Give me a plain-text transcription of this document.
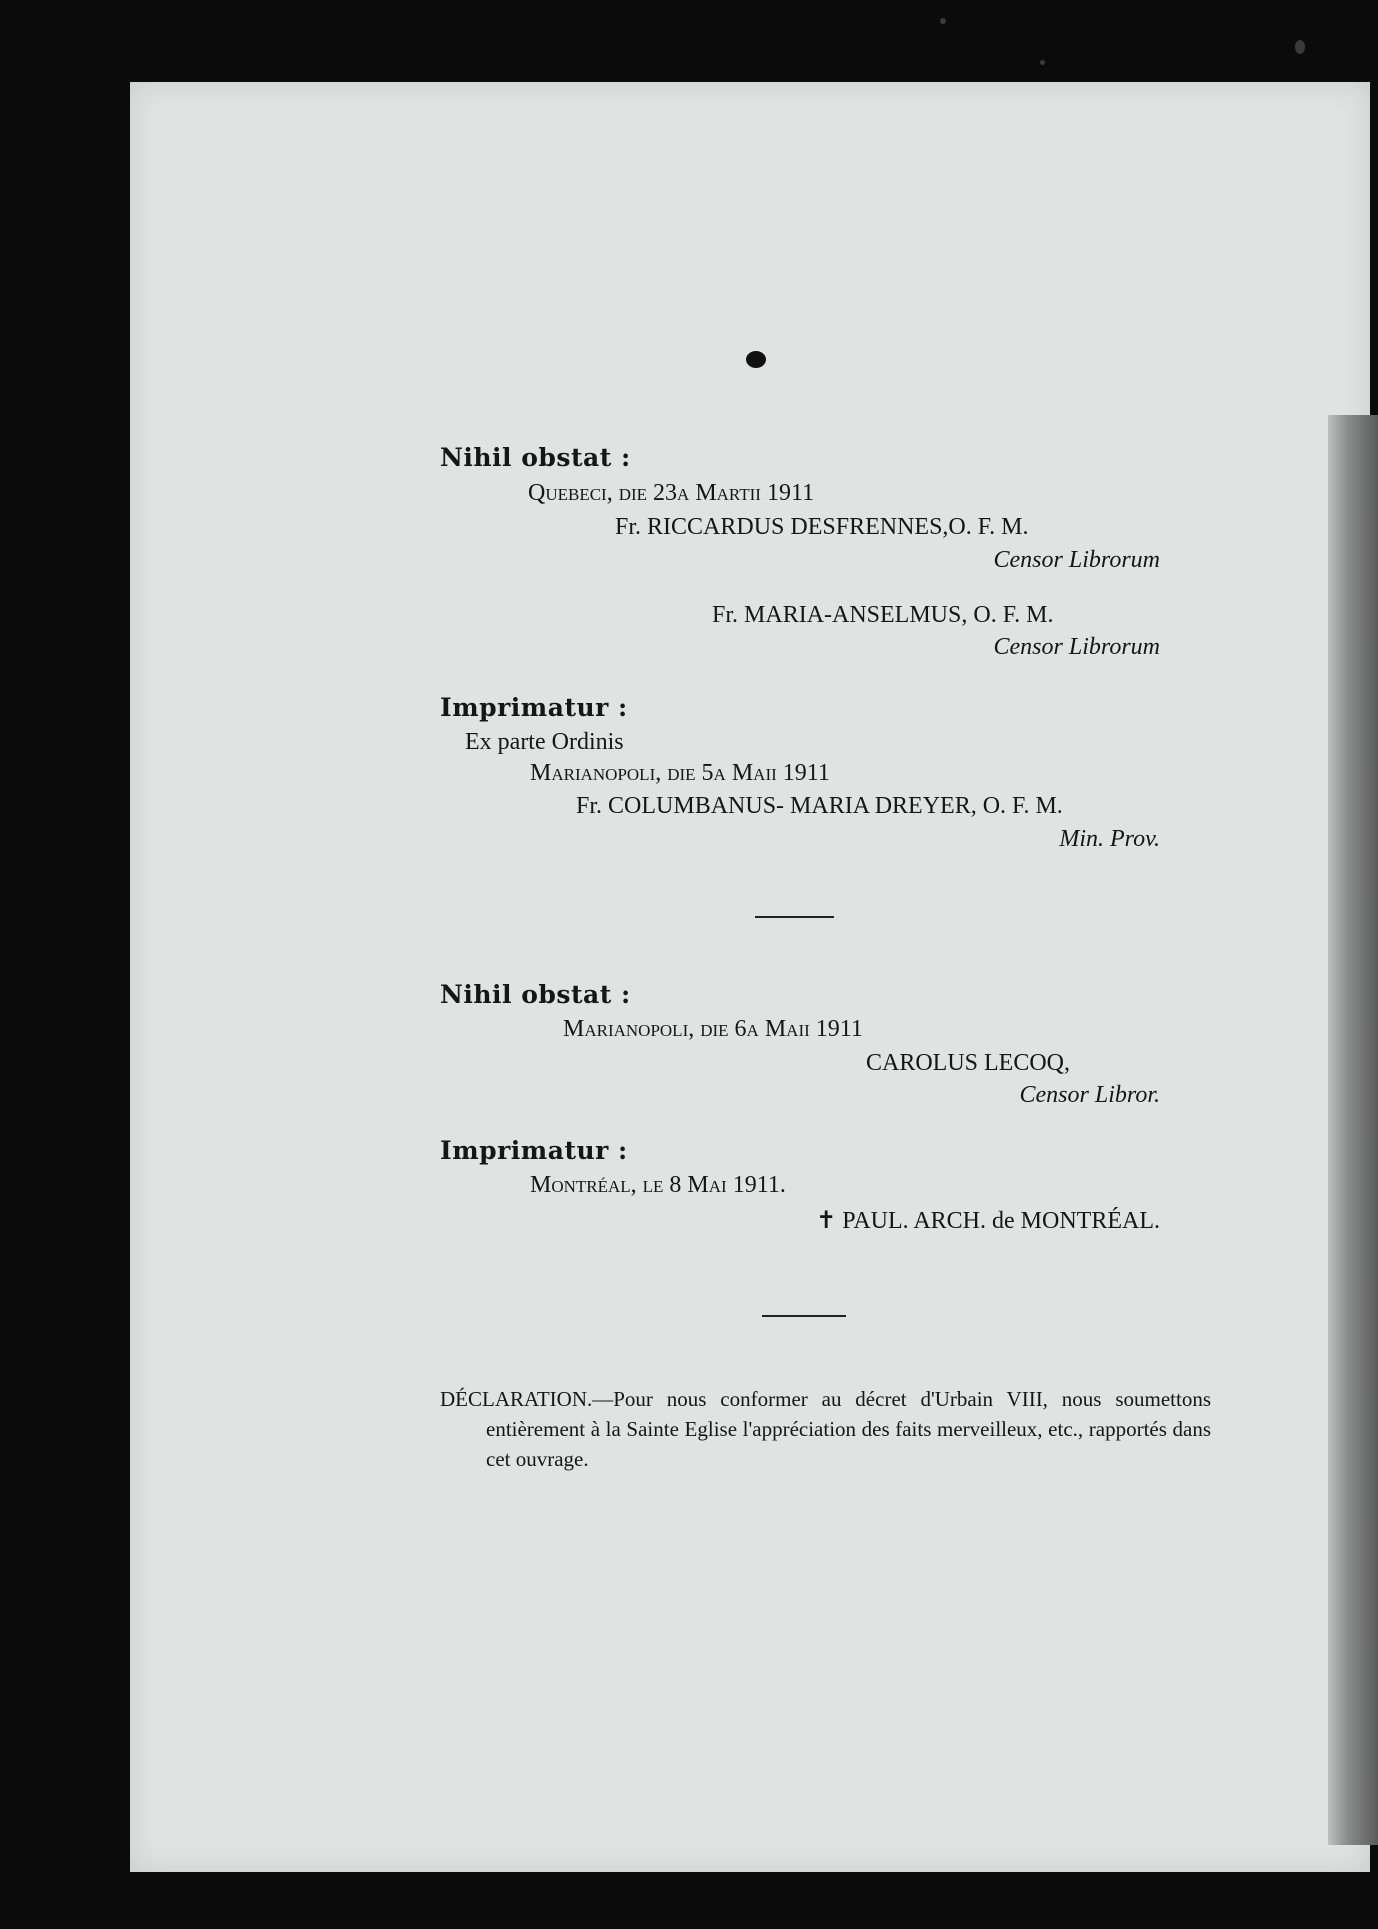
Nihil obstat :
Quebeci, die 23a Martii 1911
Fr. RICCARDUS DESFRENNES,O. F. M.
Censor Librorum
Fr. MARIA-ANSELMUS, O. F. M.
Censor Librorum
Imprimatur :
Ex parte Ordinis
Marianopoli, die 5a Maii 1911
Fr. COLUMBANUS- MARIA DREYER, O. F. M.
Min. Prov.
Nihil obstat :
Marianopoli, die 6a Maii 1911
CAROLUS LECOQ,
Censor Libror.
Imprimatur :
Montréal, le 8 Mai 1911.
✝ PAUL. ARCH. de MONTRÉAL.
DÉCLARATION.—Pour nous conformer au décret d'Urbain VIII, nous soumettons entièrement à la Sainte Eglise l'appréciation des faits merveilleux, etc., rapportés dans cet ouvrage.
